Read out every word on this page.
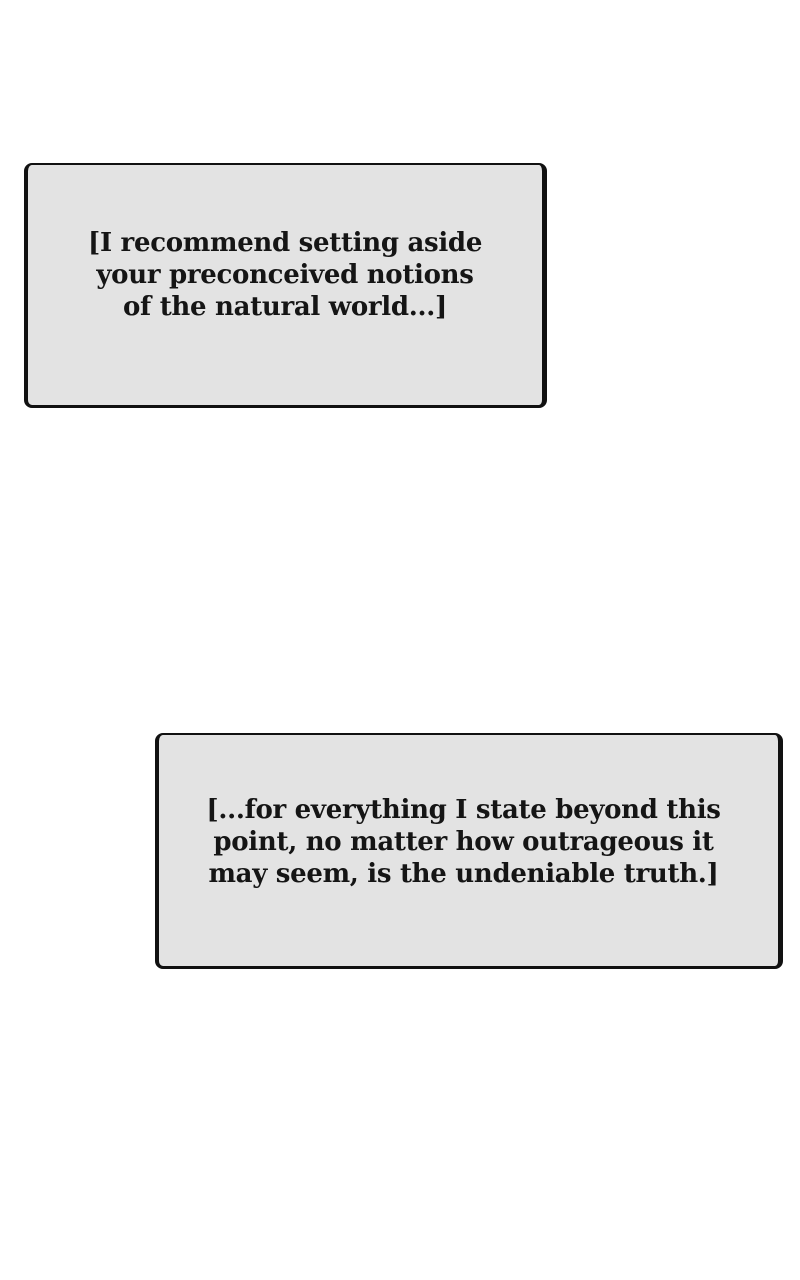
[I recommend setting aside
your preconceived notions
of the natural world...]
[...for everything I state beyond this
point, no matter how outrageous it
may seem, is the undeniable truth.]
